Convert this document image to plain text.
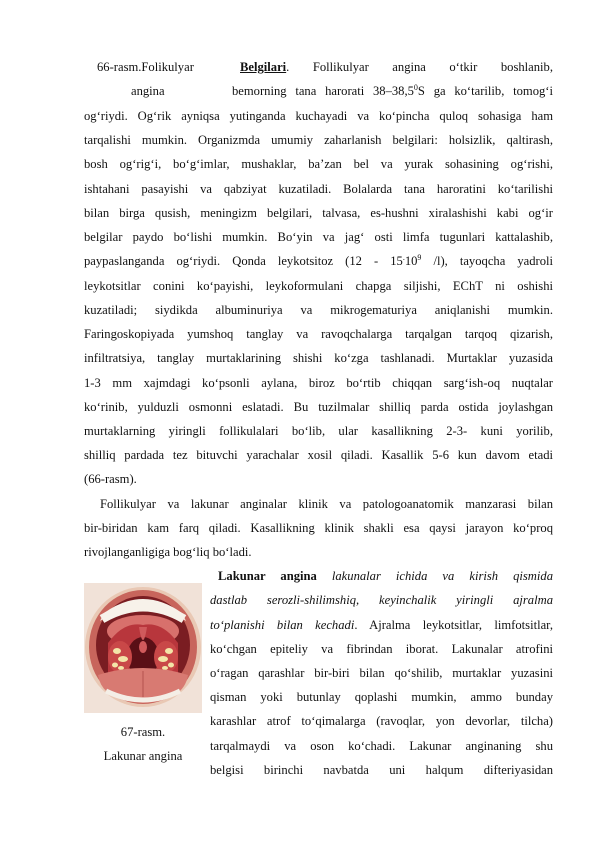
66-rasm.Folikulyar	Belgilari. Follikulyar angina o‘tkir boshlanib,
angina	bemorning tana harorati 38–38,5$^0$S ga ko‘tarilib, tomog‘i
og‘riydi. Og‘rik ayniqsa yutinganda kuchayadi va ko‘pincha quloq sohasiga ham
tarqalishi mumkin. Organizmda umumiy zaharlanish belgilari: holsizlik, qaltirash,
bosh og‘rig‘i, bo‘g‘imlar, mushaklar, ba’zan bel va yurak sohasining og‘rishi,
ishtahani pasayishi va qabziyat kuzatiladi. Bolalarda tana haroratini ko‘tarilishi
bilan birga qusish, meningizm belgilari, talvasa, es-hushni xiralashishi kabi og‘ir
belgilar paydo bo‘lishi mumkin. Bo‘yin va jag‘ osti limfa tugunlari kattalashib,
paypaslanganda og‘riydi. Qonda leykotsitoz ($12 - 15^.10^9$ /l), tayoqcha yadroli
leykotsitlar conini ko‘payishi, leykoformulani chapga siljishi, EChT ni oshishi
kuzatiladi; siydikda albuminuriya va mikrogematuriya aniqlanishi mumkin.
Faringoskopiyada yumshoq tanglay va ravoqchalarga tarqalgan tarqoq qizarish,
infiltratsiya, tanglay murtaklarining shishi ko‘zga tashlanadi. Murtaklar yuzasida
1-3 mm xajmdagi ko‘psonli aylana, biroz bo‘rtib chiqqan sarg‘ish-oq nuqtalar
ko‘rinib, yulduzli osmonni eslatadi. Bu tuzilmalar shilliq parda ostida joylashgan
murtaklarning yiringli follikulalari bo‘lib, ular kasallikning 2-3- kuni yorilib,
shilliq pardada tez bituvchi yarachalar xosil qiladi. Kasallik 5-6 kun davom etadi
(66-rasm).
Follikulyar va lakunar anginalar klinik va patologoanatomik manzarasi bilan
bir-biridan kam farq qiladi. Kasallikning klinik shakli esa qaysi jarayon ko‘proq
rivojlanganligiga bog‘liq bo‘ladi.
Lakunar angina lakunalar ichida va kirish qismida
dastlab serozli-shilimshiq, keyinchalik yiringli ajralma
to‘planishi bilan kechadi. Ajralma leykotsitlar, limfotsitlar,
ko‘chgan epiteliy va fibrindan iborat. Lakunalar atrofini
o‘ragan qarashlar bir-biri bilan qo‘shilib, murtaklar yuzasini
qisman yoki butunlay qoplashi mumkin, ammo bunday
karashlar atrof to‘qimalarga (ravoqlar, yon devorlar, tilcha)
tarqalmaydi va oson ko‘chadi. Lakunar anginaning shu
belgisi birinchi navbatda uni halqum difteriyasidan
67-rasm.
Lakunar angina
